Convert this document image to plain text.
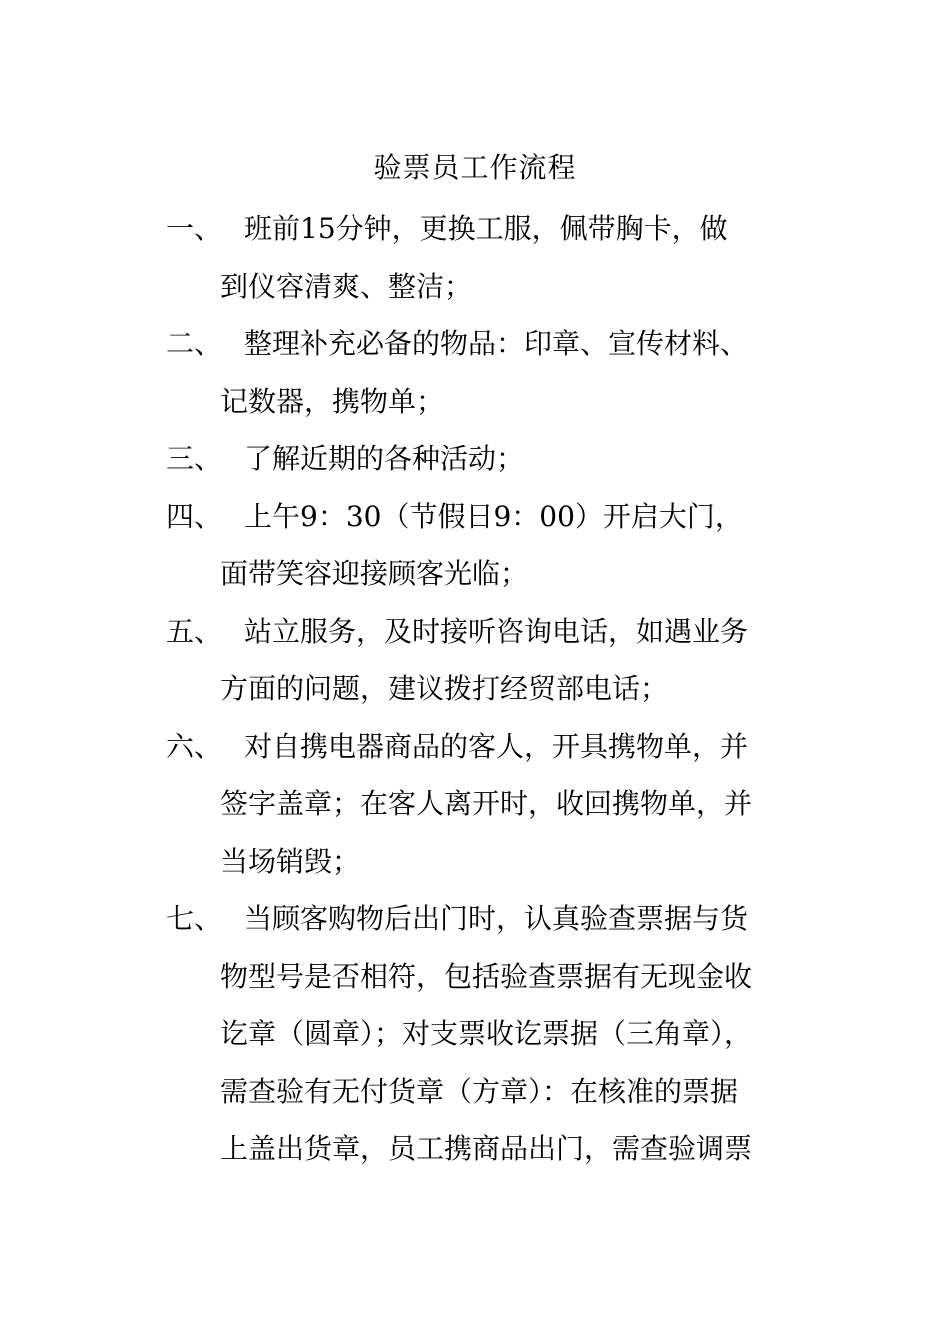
验票员工作流程
一、 班前15分钟，更换工服，佩带胸卡，做
到仪容清爽、整洁；
二、 整理补充必备的物品：印章、宣传材料、
记数器，携物单；
三、 了解近期的各种活动；
四、 上午9：30（节假日9：00）开启大门，
面带笑容迎接顾客光临；
五、 站立服务，及时接听咨询电话，如遇业务
方面的问题，建议拨打经贸部电话；
六、 对自携电器商品的客人，开具携物单，并
签字盖章；在客人离开时，收回携物单，并
当场销毁；
七、 当顾客购物后出门时，认真验查票据与货
物型号是否相符，包括验查票据有无现金收
讫章（圆章）；对支票收讫票据（三角章），
需查验有无付货章（方章）：在核准的票据
上盖出货章，员工携商品出门，需查验调票
